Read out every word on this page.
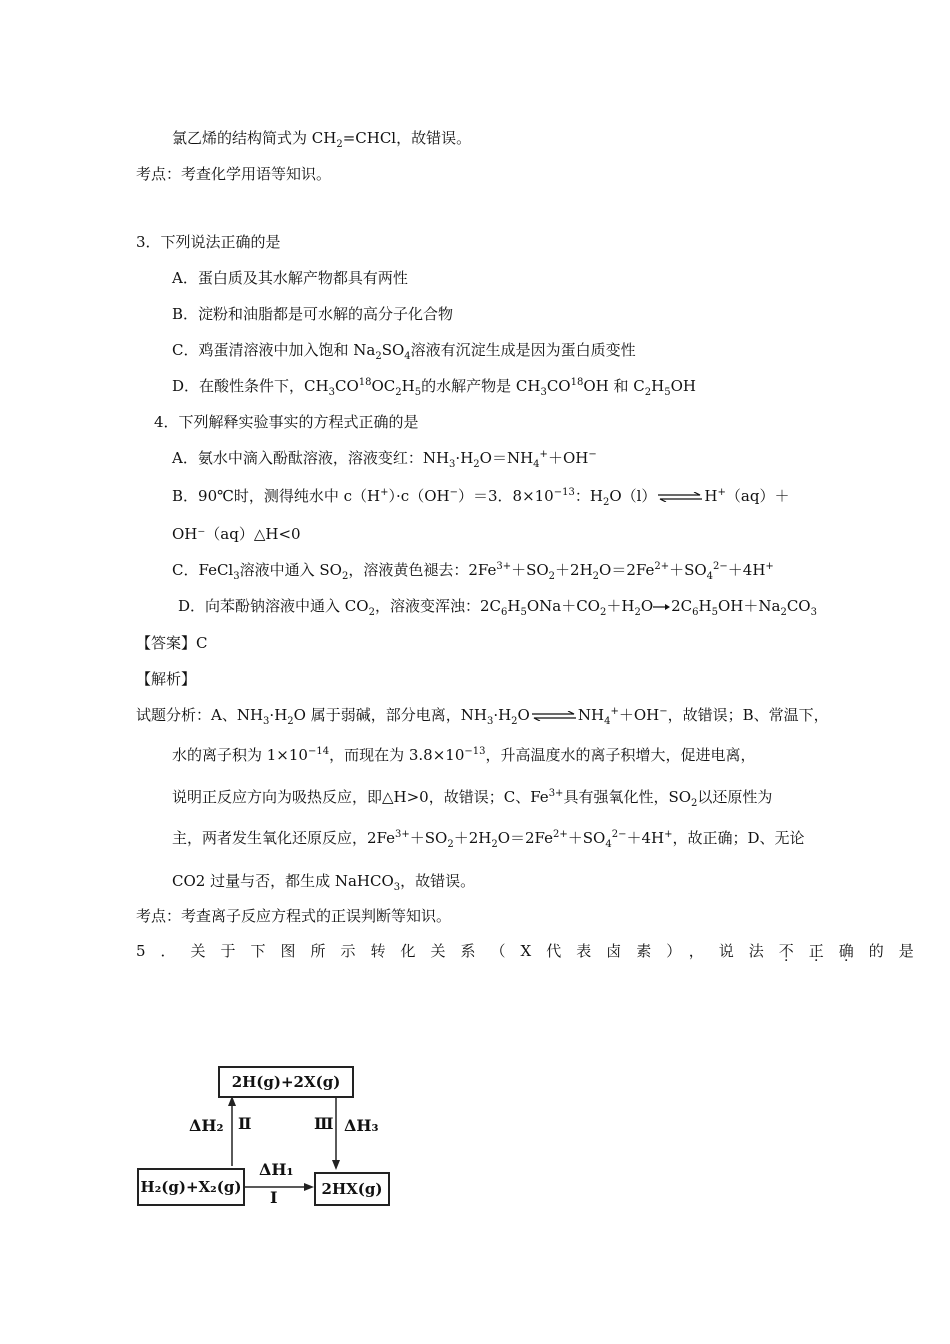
氯乙烯的结构简式为 $CH_2=CHCl$，故错误。
考点：考查化学用语等知识。
3．下列说法正确的是
A．蛋白质及其水解产物都具有两性
B．淀粉和油脂都是可水解的高分子化合物
C．鸡蛋清溶液中加入饱和 $Na_2SO_4$溶液有沉淀生成是因为蛋白质变性
D．在酸性条件下，$CH_3CO^{18}OC_2H_5$的水解产物是 $CH_3CO^{18}OH$ 和 $C_2H_5OH$
4．下列解释实验事实的方程式正确的是
A．氨水中滴入酚酞溶液，溶液变红：$NH_3\cdot H_2O=NH_4^++OH^-$
B．90℃时，测得纯水中 c（H+）·c（OH−）＝3．$8\times 10^{-13}$：$H_2O(l)$ ⇌ H+（aq）＋
OH⁻（aq）△H<0
C．FeCl$_3$溶液中通入 $SO_2$，溶液黄色褪去：$2Fe^{3+}+SO_2+2H_2O=2Fe^{2+}+SO_4^{2-}+4H^+$
D．向苯酚钠溶液中通入 $CO_2$，溶液变浑浊：$2C_6H_5ONa+CO_2+H_2O\to 2C_6H_5OH+Na_2CO_3$
【答案】C
【解析】
试题分析：A、$NH_3\cdot H_2O$ 属于弱碱，部分电离，$NH_3\cdot H_2O$ ⇌ $NH_4^++OH^-$，故错误；B、常温下，
水的离子积为 $1\times 10^{-14}$，而现在为 $3.8\times 10^{-13}$，升高温度水的离子积增大，促进电离，
说明正反应方向为吸热反应，即△H>0，故错误；C、$Fe^{3+}$具有强氧化性，$SO_2$以还原性为
主，两者发生氧化还原反应，$2Fe^{3+}+SO_2+2H_2O=2Fe^{2+}+SO_4^{2-}+4H^+$，故正确；D、无论
CO2 过量与否，都生成 NaHCO$_3$，故错误。
考点：考查离子反应方程式的正误判断等知识。
5．关于下图所示转化关系（X代表卤素），说法不正确的是
2H(g)+2X(g)
H₂(g)+X₂(g)	2HX(g)
ΔH₂ Ⅱ	Ⅲ ΔH₃
ΔH₁
Ⅰ
